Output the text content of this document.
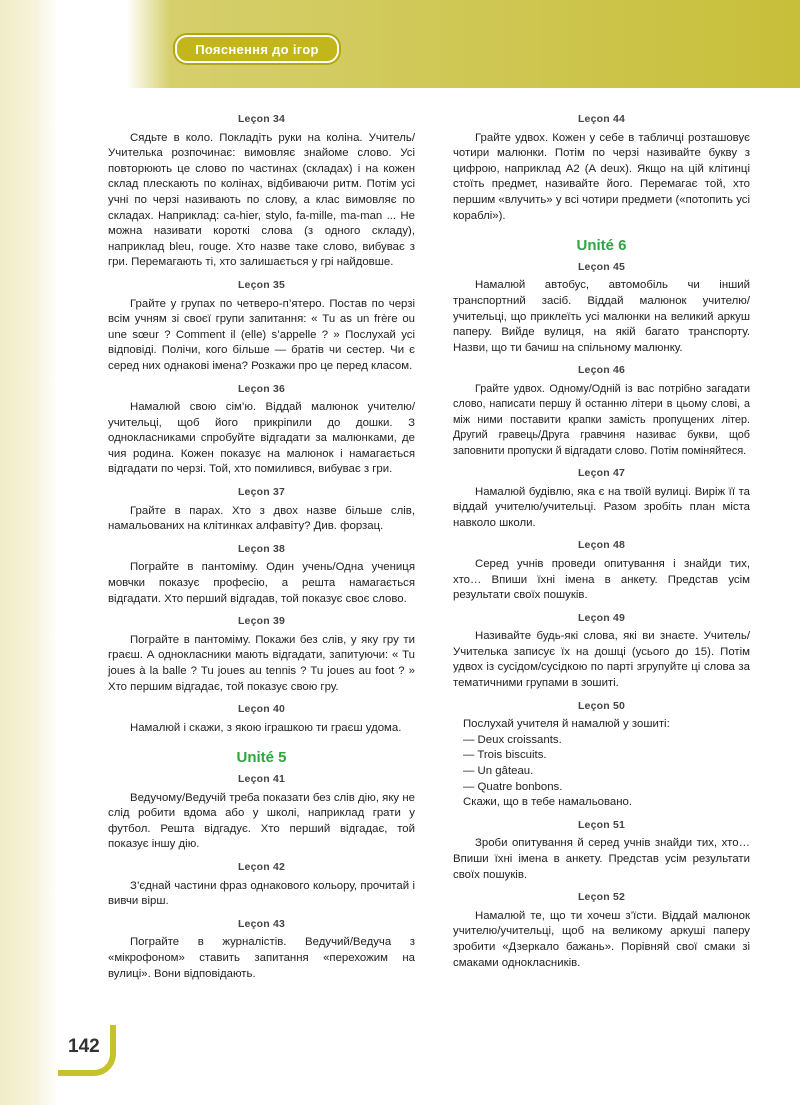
Пояснення до ігор
142
Leçon 34

Сядьте в коло. Покладіть руки на коліна. Учитель/Учителька розпочинає: вимовляє знайоме слово. Усі повторюють це слово по частинах (складах) і на кожен склад плескають по колінах, відбиваючи ритм. Потім усі учні по черзі називають по слову, а клас вимовляє по складах. Наприклад: ca-hier, stylo, fa-mille, ma-man ... Не можна називати короткі слова (з одного складу), наприклад bleu, rouge. Хто назве таке слово, вибуває з гри. Перемагають ті, хто залишається у грі найдовше.

Leçon 35

Грайте у групах по четверо-п’ятеро. Постав по черзі всім учням зі своєї групи запитання: « Tu as un frère ou une sœur ? Comment il (elle) s’appelle ? » Послухай усі відповіді. Полічи, кого більше — братів чи сестер. Чи є серед них однакові імена? Розкажи про це перед класом.

Leçon 36

Намалюй свою сім’ю. Віддай малюнок учителю/учительці, щоб його прикріпили до дошки. З однокласниками спробуйте відгадати за малюнками, де чия родина. Кожен показує на малюнок і намагається відгадати по черзі. Той, хто помилився, вибуває з гри.

Leçon 37

Грайте в парах. Хто з двох назве більше слів, намальованих на клітинках алфавіту? Див. форзац.

Leçon 38

Пограйте в пантоміму. Один учень/Одна учениця мовчки показує професію, а решта намагається відгадати. Хто перший відгадав, той показує своє слово.

Leçon 39

Пограйте в пантоміму. Покажи без слів, у яку гру ти граєш. А однокласники мають відгадати, запитуючи: « Tu joues à la balle ? Tu joues au tennis ? Tu joues au foot ? » Хто першим відгадає, той показує свою гру.

Leçon 40

Намалюй і скажи, з якою іграшкою ти граєш удома.

Unité 5
Leçon 41

Ведучому/Ведучій треба показати без слів дію, яку не слід робити вдома або у школі, наприклад грати у футбол. Решта відгадує. Хто перший відгадає, той показує іншу дію.

Leçon 42

З’єднай частини фраз однакового кольору, прочитай і вивчи вірш.

Leçon 43

Пограйте в журналістів. Ведучий/Ведуча з «мікрофоном» ставить запитання «перехожим на вулиці». Вони відповідають.

Leçon 44

Грайте удвох. Кожен у себе в табличці розташовує чотири малюнки. Потім по черзі називайте букву з цифрою, наприклад А2 (A deux). Якщо на цій клітинці стоїть предмет, називайте його. Перемагає той, хто першим «влучить» у всі чотири предмети («потопить усі кораблі»).

Unité 6
Leçon 45

Намалюй автобус, автомобіль чи інший транспортний засіб. Віддай малюнок учителю/учительці, що приклеїть усі малюнки на великий аркуш паперу. Вийде вулиця, на якій багато транспорту. Назви, що ти бачиш на спільному малюнку.

Leçon 46

Грайте удвох. Одному/Одній із вас потрібно загадати слово, написати першу й останню літери в цьому слові, а між ними поставити крапки замість пропущених літер. Другий гравець/Друга гравчиня називає букви, щоб заповнити пропуски й відгадати слово. Потім поміняйтеся.

Leçon 47

Намалюй будівлю, яка є на твоїй вулиці. Виріж її та віддай учителю/учительці. Разом зробіть план міста навколо школи.

Leçon 48

Серед учнів проведи опитування і знайди тих, хто… Впиши їхні імена в анкету. Представ усім результати своїх пошуків.

Leçon 49

Називайте будь-які слова, які ви знаєте. Учитель/Учителька записує їх на дошці (усього до 15). Потім удвох із сусідом/сусідкою по парті згрупуйте ці слова за тематичними групами в зошиті.

Leçon 50

Послухай учителя й намалюй у зошиті:

— Deux croissants.
— Trois biscuits.
— Un gâteau.
— Quatre bonbons.

Скажи, що в тебе намальовано.

Leçon 51

Зроби опитування й серед учнів знайди тих, хто… Впиши їхні імена в анкету. Представ усім результати своїх пошуків.

Leçon 52

Намалюй те, що ти хочеш з’їсти. Віддай малюнок учителю/учительці, щоб на великому аркуші паперу зробити «Дзеркало бажань». Порівняй свої смаки зі смаками однокласників.
